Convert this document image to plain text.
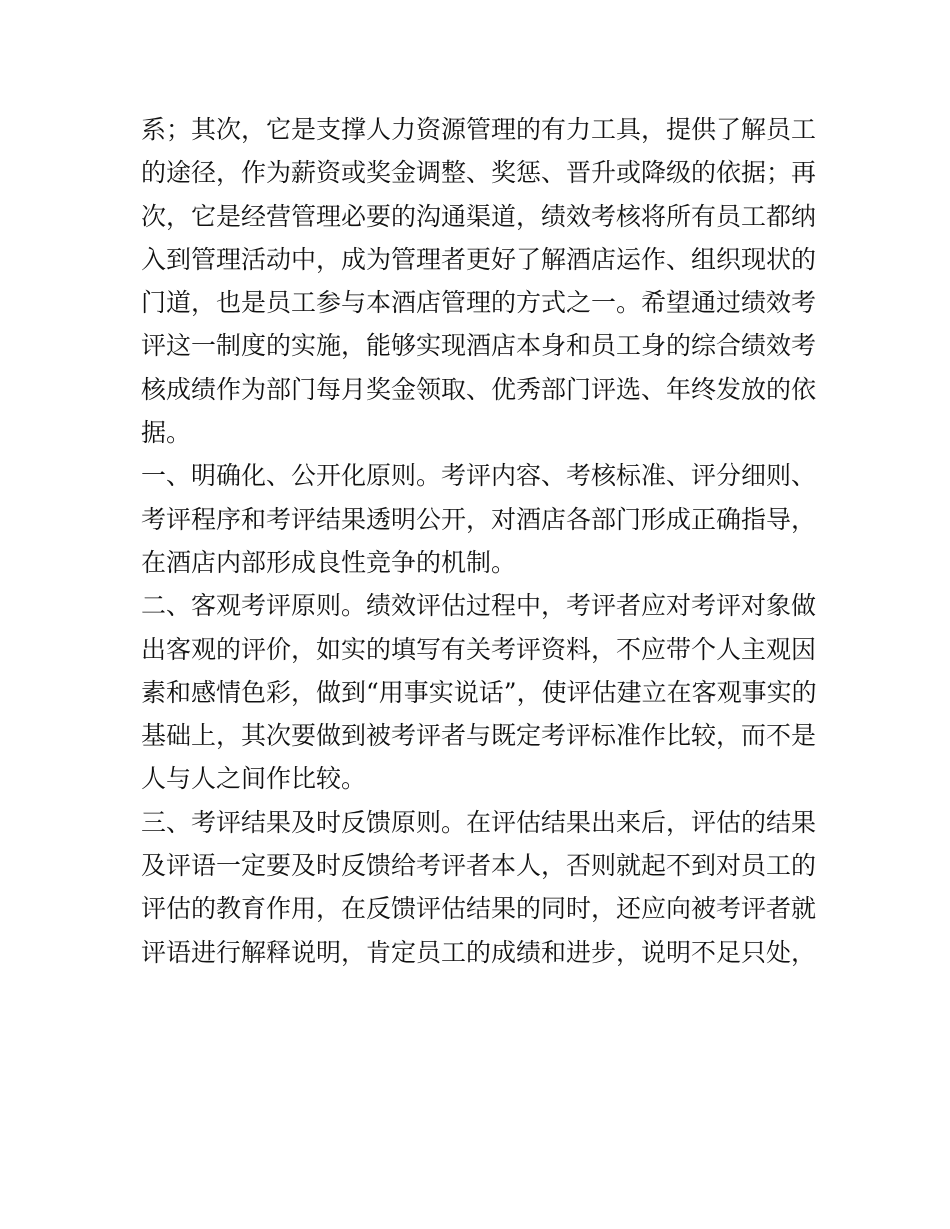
系；其次，它是支撑人力资源管理的有力工具，提供了解员工
的途径，作为薪资或奖金调整、奖惩、晋升或降级的依据；再
次，它是经营管理必要的沟通渠道，绩效考核将所有员工都纳
入到管理活动中，成为管理者更好了解酒店运作、组织现状的
门道，也是员工参与本酒店管理的方式之一。希望通过绩效考
评这一制度的实施，能够实现酒店本身和员工身的综合绩效考
核成绩作为部门每月奖金领取、优秀部门评选、年终发放的依
据。
一、明确化、公开化原则。考评内容、考核标准、评分细则、
考评程序和考评结果透明公开，对酒店各部门形成正确指导，
在酒店内部形成良性竞争的机制。
二、客观考评原则。绩效评估过程中，考评者应对考评对象做
出客观的评价，如实的填写有关考评资料，不应带个人主观因
素和感情色彩，做到“用事实说话”，使评估建立在客观事实的
基础上，其次要做到被考评者与既定考评标准作比较，而不是
人与人之间作比较。
三、考评结果及时反馈原则。在评估结果出来后，评估的结果
及评语一定要及时反馈给考评者本人，否则就起不到对员工的
评估的教育作用，在反馈评估结果的同时，还应向被考评者就
评语进行解释说明，肯定员工的成绩和进步，说明不足只处，
